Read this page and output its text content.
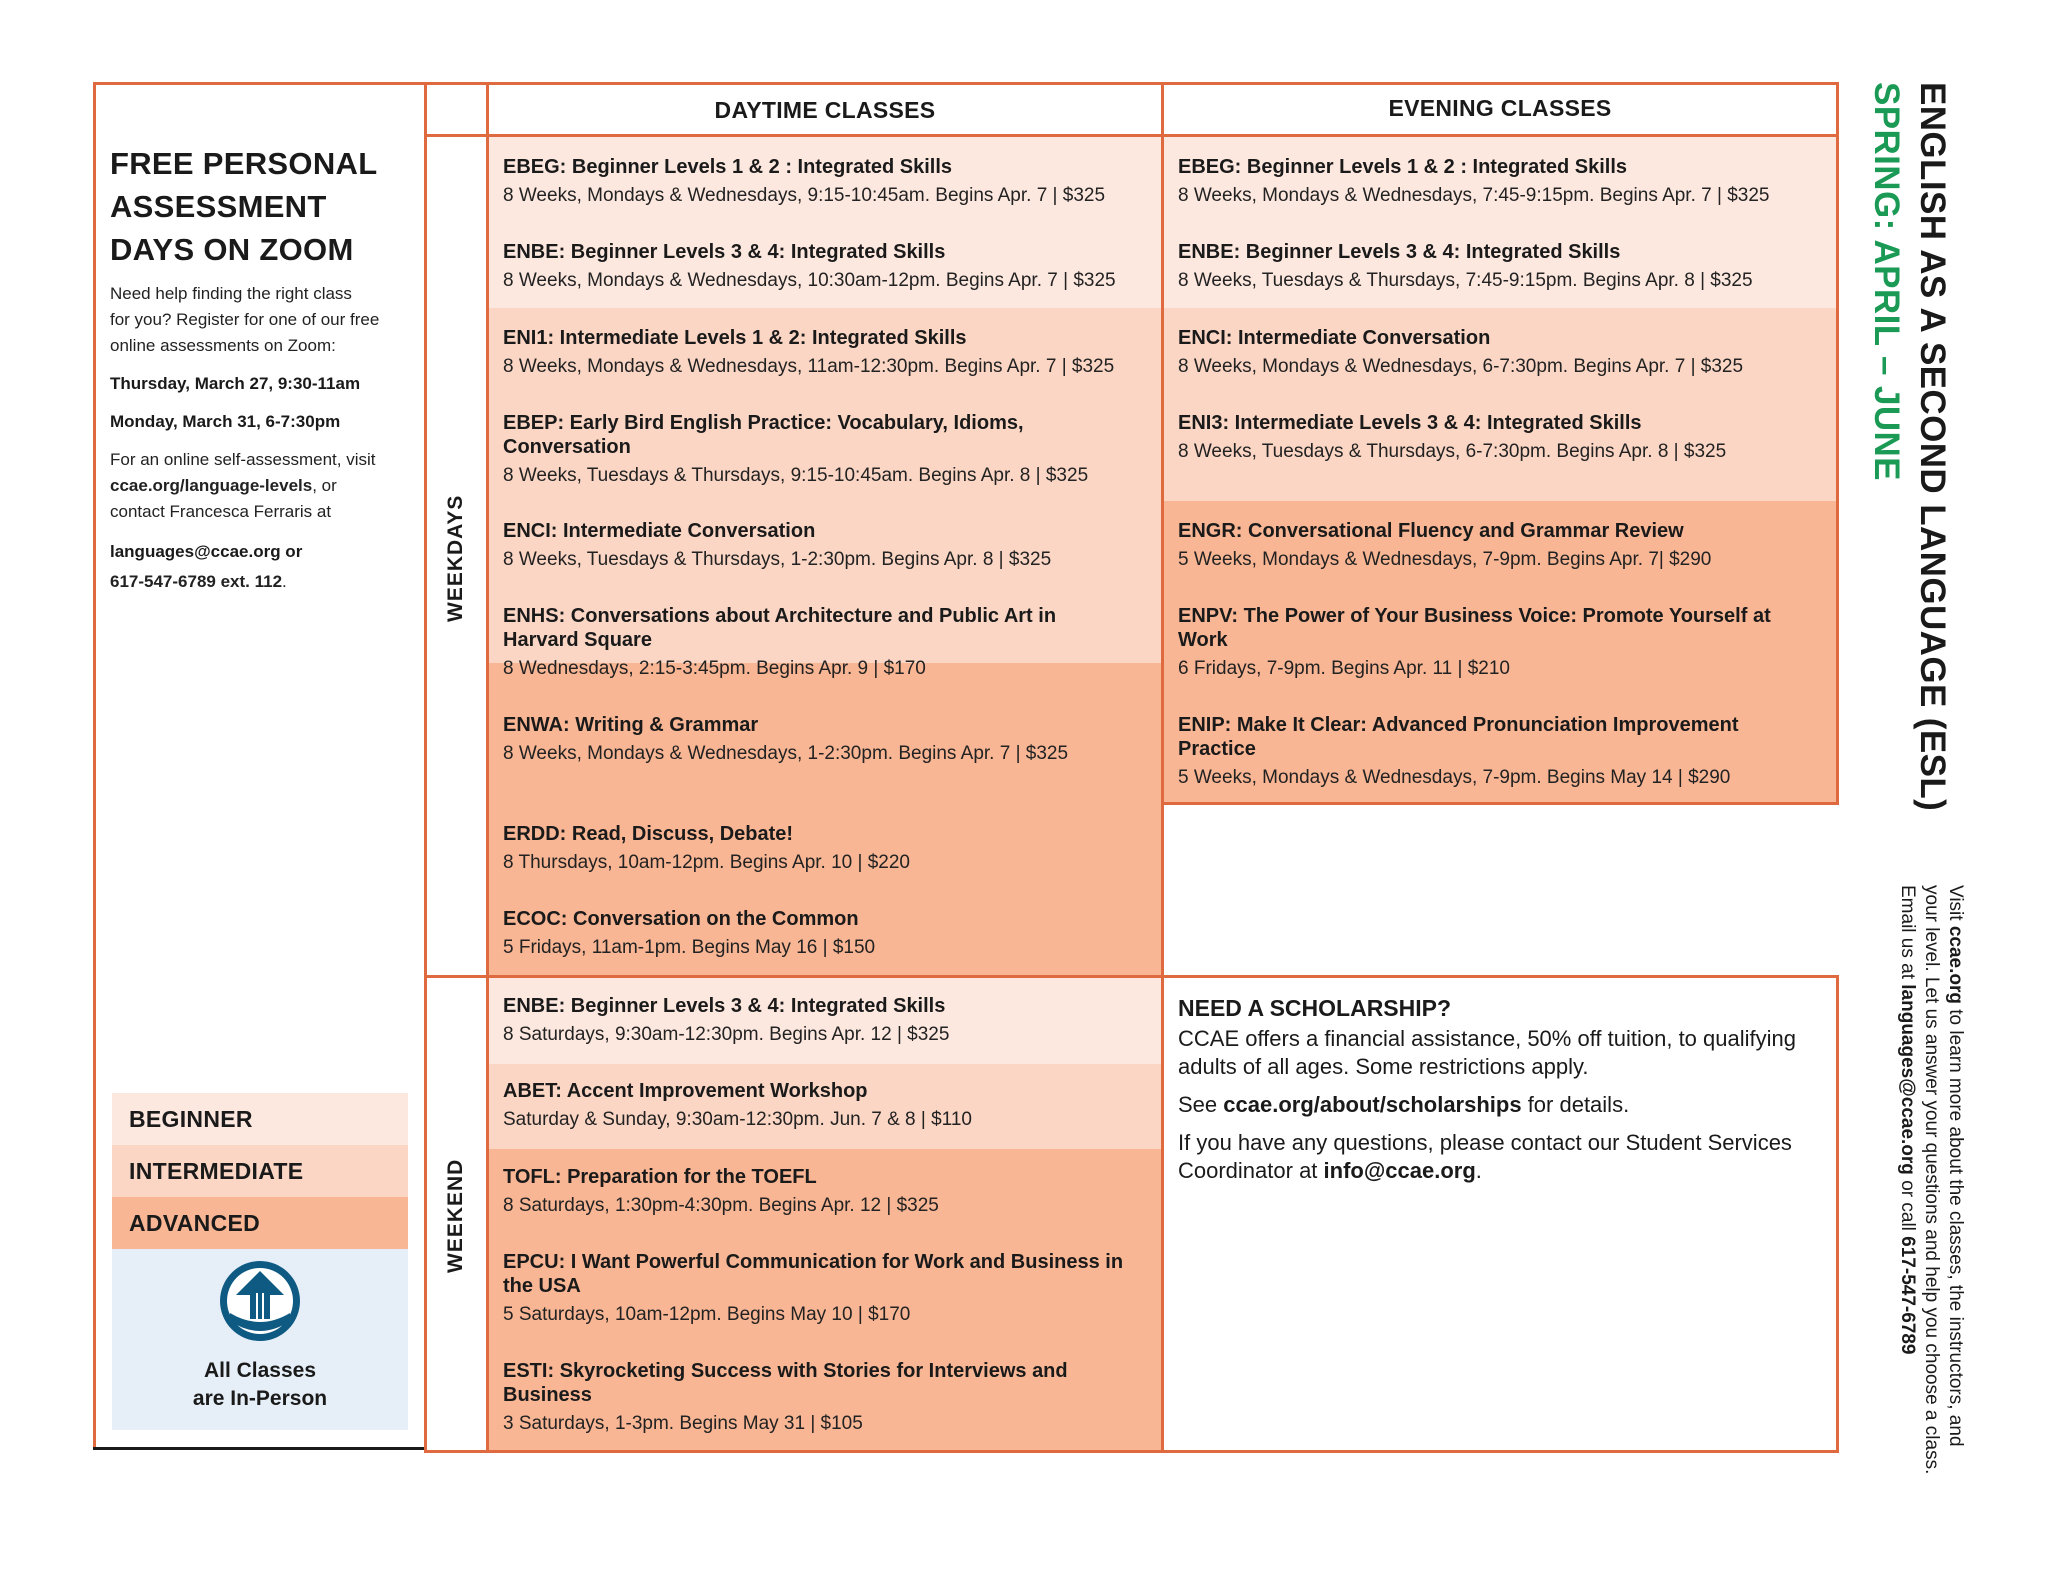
FREE PERSONAL
ASSESSMENT
DAYS ON ZOOM
Need help finding the right class
for you? Register for one of our free
online assessments on Zoom:
Thursday, March 27, 9:30-11am
Monday, March 31, 6-7:30pm
For an online self-assessment, visit
ccae.org/language-levels, or
contact Francesca Ferraris at
languages@ccae.org or
617-547-6789 ext. 112.
BEGINNER
INTERMEDIATE
ADVANCED
All Classes
are In-Person
WEEKDAYS
WEEKEND
DAYTIME CLASSES
EBEG: Beginner Levels 1 & 2 : Integrated Skills
8 Weeks, Mondays & Wednesdays, 9:15-10:45am. Begins Apr. 7 | $325
ENBE: Beginner Levels 3 & 4: Integrated Skills
8 Weeks, Mondays & Wednesdays, 10:30am-12pm. Begins Apr. 7 | $325
ENI1: Intermediate Levels 1 & 2: Integrated Skills
8 Weeks, Mondays & Wednesdays, 11am-12:30pm. Begins Apr. 7 | $325
EBEP: Early Bird English Practice: Vocabulary, Idioms, Conversation
8 Weeks, Tuesdays & Thursdays, 9:15-10:45am. Begins Apr. 8 | $325
ENCI: Intermediate Conversation
8 Weeks, Tuesdays & Thursdays, 1-2:30pm. Begins Apr. 8 | $325
ENHS: Conversations about Architecture and Public Art in Harvard Square
8 Wednesdays, 2:15-3:45pm. Begins Apr. 9 | $170
ENWA: Writing & Grammar
8 Weeks, Mondays & Wednesdays, 1-2:30pm. Begins Apr. 7 | $325
ERDD: Read, Discuss, Debate!
8 Thursdays, 10am-12pm. Begins Apr. 10 | $220
ECOC: Conversation on the Common
5 Fridays, 11am-1pm. Begins May 16 | $150
ENBE: Beginner Levels 3 & 4: Integrated Skills
8 Saturdays, 9:30am-12:30pm. Begins Apr. 12 | $325
ABET: Accent Improvement Workshop
Saturday & Sunday, 9:30am-12:30pm. Jun. 7 & 8 | $110
TOFL: Preparation for the TOEFL
8 Saturdays, 1:30pm-4:30pm. Begins Apr. 12 | $325
EPCU: I Want Powerful Communication for Work and Business in the USA
5 Saturdays, 10am-12pm. Begins May 10 | $170
ESTI: Skyrocketing Success with Stories for Interviews and Business
3 Saturdays, 1-3pm. Begins May 31 | $105
EVENING CLASSES
EBEG: Beginner Levels 1 & 2 : Integrated Skills
8 Weeks, Mondays & Wednesdays, 7:45-9:15pm. Begins Apr. 7 | $325
ENBE: Beginner Levels 3 & 4: Integrated Skills
8 Weeks, Tuesdays & Thursdays, 7:45-9:15pm. Begins Apr. 8 | $325
ENCI: Intermediate Conversation
8 Weeks, Mondays & Wednesdays, 6-7:30pm. Begins Apr. 7 | $325
ENI3: Intermediate Levels 3 & 4: Integrated Skills
8 Weeks, Tuesdays & Thursdays, 6-7:30pm. Begins Apr. 8 | $325
ENGR: Conversational Fluency and Grammar Review
5 Weeks, Mondays & Wednesdays, 7-9pm. Begins Apr. 7| $290
ENPV: The Power of Your Business Voice: Promote Yourself at Work
6 Fridays, 7-9pm. Begins Apr. 11 | $210
ENIP: Make It Clear: Advanced Pronunciation Improvement Practice
5 Weeks, Mondays & Wednesdays, 7-9pm. Begins May 14 | $290
NEED A SCHOLARSHIP?
CCAE offers a financial assistance, 50% off tuition, to qualifying adults of all ages. Some restrictions apply.
See ccae.org/about/scholarships for details.
If you have any questions, please contact our Student Services Coordinator at info@ccae.org.
ENGLISH AS A SECOND LANGUAGE (ESL)
SPRING: APRIL – JUNE
Visit ccae.org to learn more about the classes, the instructors, and
your level. Let us answer your questions and help you choose a class.
Email us at languages@ccae.org or call 617-547-6789
